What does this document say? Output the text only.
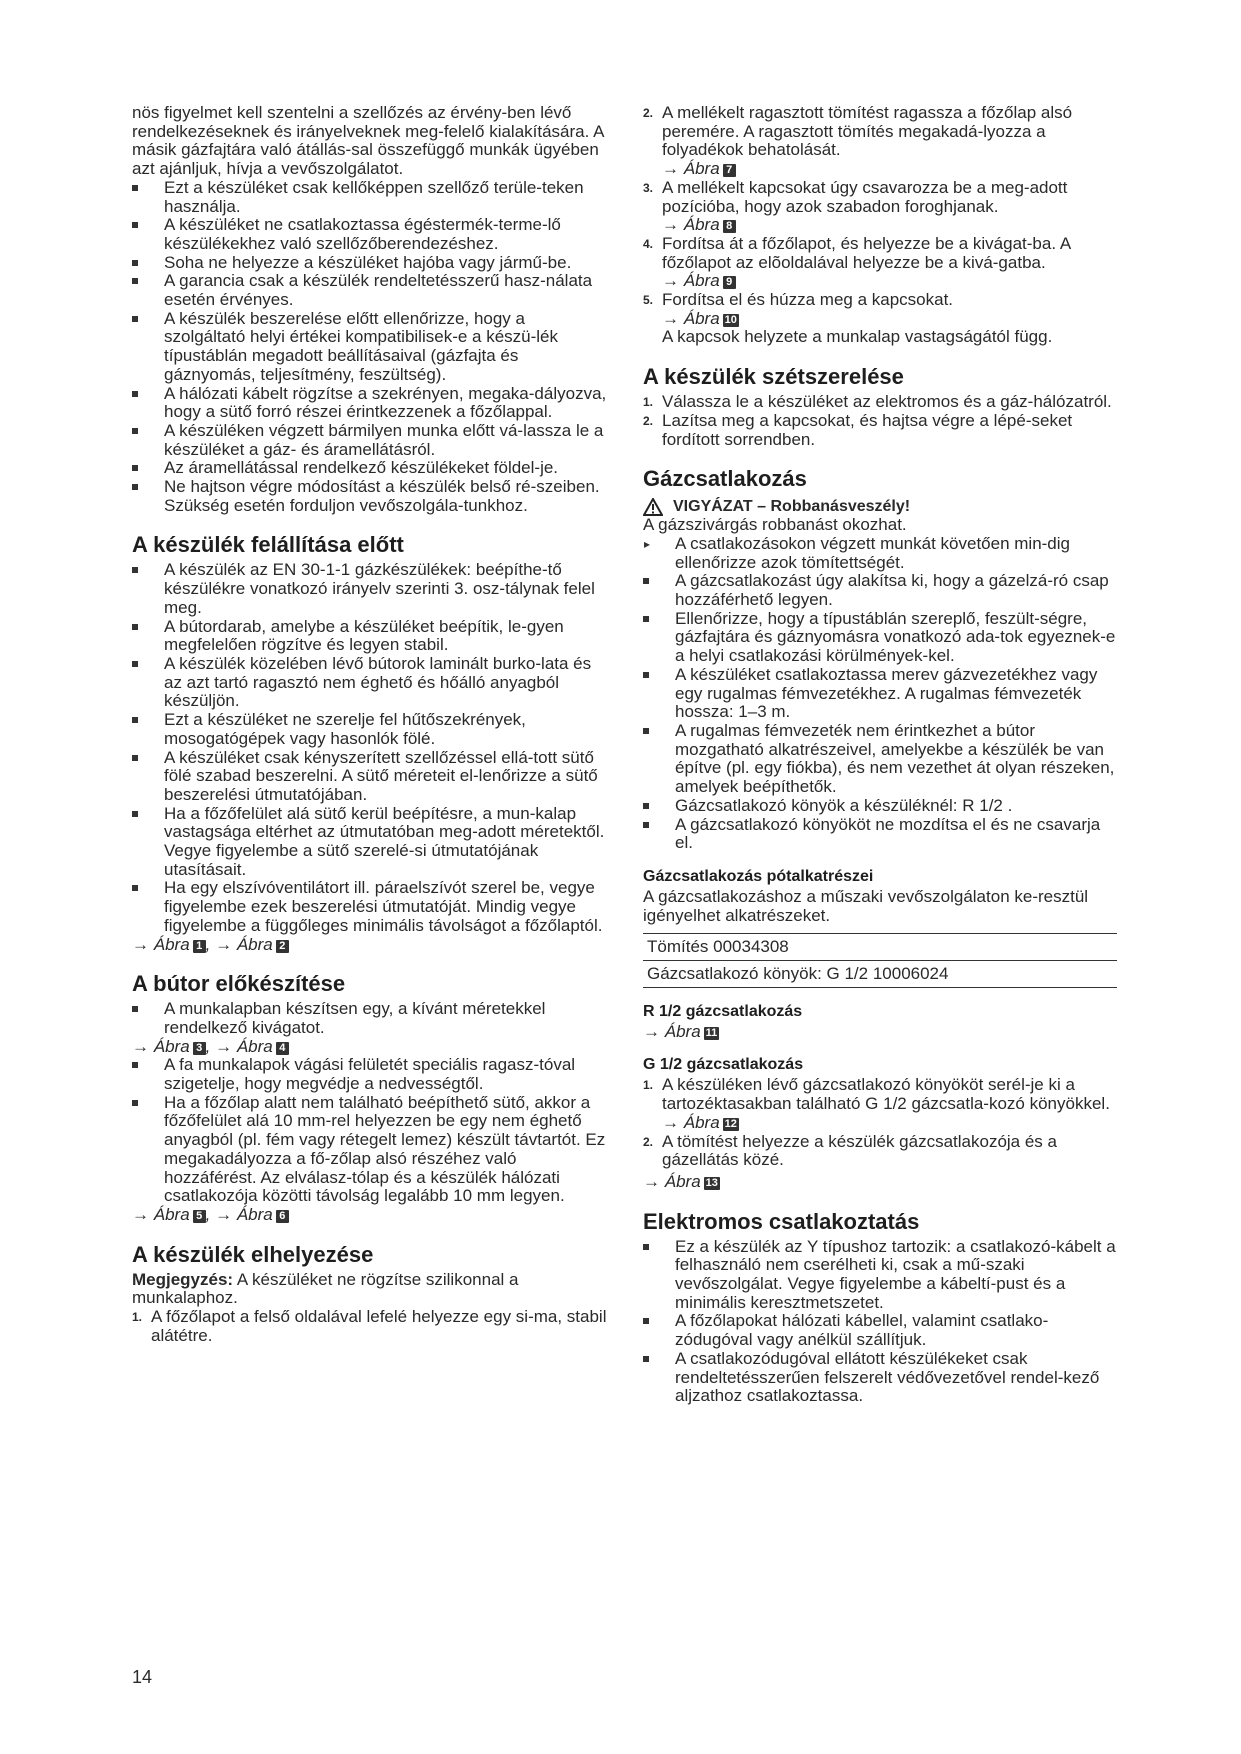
nös figyelmet kell szentelni a szellőzés az érvény-ben lévő rendelkezéseknek és irányelveknek meg-felelő kialakítására. A másik gázfajtára való átállás-sal összefüggő munkák ügyében azt ajánljuk, hívja a vevőszolgálatot.

Ezt a készüléket csak kellőképpen szellőző terüle-teken használja.

A készüléket ne csatlakoztassa égéstermék-terme-lő készülékekhez való szellőzőberendezéshez.

Soha ne helyezze a készüléket hajóba vagy jármű-be.

A garancia csak a készülék rendeltetésszerű hasz-nálata esetén érvényes.

A készülék beszerelése előtt ellenőrizze, hogy a szolgáltató helyi értékei kompatibilisek-e a készü-lék típustáblán megadott beállításaival (gázfajta és gáznyomás, teljesítmény, feszültség).

A hálózati kábelt rögzítse a szekrényen, megaka-dályozva, hogy a sütő forró részei érintkezzenek a főzőlappal.

A készüléken végzett bármilyen munka előtt vá-lassza le a készüléket a gáz- és áramellátásról.

Az áramellátással rendelkező készülékeket földel-je.

Ne hajtson végre módosítást a készülék belső ré-szeiben. Szükség esetén forduljon vevőszolgála-tunkhoz.

A készülék felállítása előtt

A készülék az EN 30-1-1 gázkészülékek: beépíthe-tő készülékre vonatkozó irányelv szerinti 3. osz-tálynak felel meg.

A bútordarab, amelybe a készüléket beépítik, le-gyen megfelelően rögzítve és legyen stabil.

A készülék közelében lévő bútorok laminált burko-lata és az azt tartó ragasztó nem éghető és hőálló anyagból készüljön.

Ezt a készüléket ne szerelje fel hűtőszekrények, mosogatógépek vagy hasonlók fölé.

A készüléket csak kényszerített szellőzéssel ellá-tott sütő fölé szabad beszerelni. A sütő méreteit el-lenőrizze a sütő beszerelési útmutatójában.

Ha a főzőfelület alá sütő kerül beépítésre, a mun-kalap vastagsága eltérhet az útmutatóban meg-adott méretektől. Vegye figyelembe a sütő szerelé-si útmutatójának utasításait.

Ha egy elszívóventilátort ill. páraelszívót szerel be, vegye figyelembe ezek beszerelési útmutatóját. Mindig vegye figyelembe a függőleges minimális távolságot a főzőlaptól.

→ Ábra 1 , → Ábra 2

A bútor előkészítése

A munkalapban készítsen egy, a kívánt méretekkel rendelkező kivágatot.

→ Ábra 3 , → Ábra 4

A fa munkalapok vágási felületét speciális ragasz-tóval szigetelje, hogy megvédje a nedvességtől.

Ha a főzőlap alatt nem található beépíthető sütő, akkor a főzőfelület alá 10 mm-rel helyezzen be egy nem éghető anyagból (pl. fém vagy rétegelt lemez) készült távtartót. Ez megakadályozza a fő-zőlap alsó részéhez való hozzáférést. Az elválasz-tólap és a készülék hálózati csatlakozója közötti távolság legalább 10 mm legyen.

→ Ábra 5 , → Ábra 6

A készülék elhelyezése

Megjegyzés: A készüléket ne rögzítse szilikonnal a munkalaphoz.

1. A főzőlapot a felső oldalával lefelé helyezze egy si-ma, stabil alátétre.

2. A mellékelt ragasztott tömítést ragassza a főzőlap alsó peremére. A ragasztott tömítés megakadá-lyozza a folyadékok behatolását.

→ Ábra 7

3. A mellékelt kapcsokat úgy csavarozza be a meg-adott pozícióba, hogy azok szabadon foroghjanak.

→ Ábra 8

4. Fordítsa át a főzőlapot, és helyezze be a kivágat-ba. A főzőlapot az elõoldalával helyezze be a kivá-gatba.

→ Ábra 9

5. Fordítsa el és húzza meg a kapcsokat.

→ Ábra 10

A kapcsok helyzete a munkalap vastagságától függ.

A készülék szétszerelése

1. Válassza le a készüléket az elektromos és a gáz-hálózatról.

2. Lazítsa meg a kapcsokat, és hajtsa végre a lépé-seket fordított sorrendben.

Gázcsatlakozás
VIGYÁZAT – Robbanásveszély!

A gázszivárgás robbanást okozhat.

▸ A csatlakozásokon végzett munkát követően min-dig ellenőrizze azok tömítettségét.

A gázcsatlakozást úgy alakítsa ki, hogy a gázelzá-ró csap hozzáférhető legyen.

Ellenőrizze, hogy a típustáblán szereplő, feszült-ségre, gázfajtára és gáznyomásra vonatkozó ada-tok egyeznek-e a helyi csatlakozási körülmények-kel.

A készüléket csatlakoztassa merev gázvezetékhez vagy egy rugalmas fémvezetékhez. A rugalmas fémvezeték hossza: 1–3 m.

A rugalmas fémvezeték nem érintkezhet a bútor mozgatható alkatrészeivel, amelyekbe a készülék be van építve (pl. egy fiókba), és nem vezethet át olyan részeken, amelyek beépíthetők.

Gázcsatlakozó könyök a készüléknél: R 1/2 .

A gázcsatlakozó könyököt ne mozdítsa el és ne csavarja el.

Gázcsatlakozás pótalkatrészei

A gázcsatlakozáshoz a műszaki vevőszolgálaton ke-resztül igényelhet alkatrészeket.

Tömítés 00034308
Gázcsatlakozó könyök: G 1/2 10006024
R 1/2 gázcsatlakozás

→ Ábra 11

G 1/2 gázcsatlakozás

1. A készüléken lévő gázcsatlakozó könyököt serél-je ki a tartozéktasakban található G 1/2 gázcsatla-kozó könyökkel.

→ Ábra 12

2. A tömítést helyezze a készülék gázcsatlakozója és a gázellátás közé.

→ Ábra 13

Elektromos csatlakoztatás

Ez a készülék az Y típushoz tartozik: a csatlakozó-kábelt a felhasználó nem cserélheti ki, csak a mű-szaki vevőszolgálat. Vegye figyelembe a kábeltí-pust és a minimális keresztmetszetet.

A főzőlapokat hálózati kábellel, valamint csatlako-zódugóval vagy anélkül szállítjuk.

A csatlakozódugóval ellátott készülékeket csak rendeltetésszerűen felszerelt védővezetővel rendel-kező aljzathoz csatlakoztassa.

14
